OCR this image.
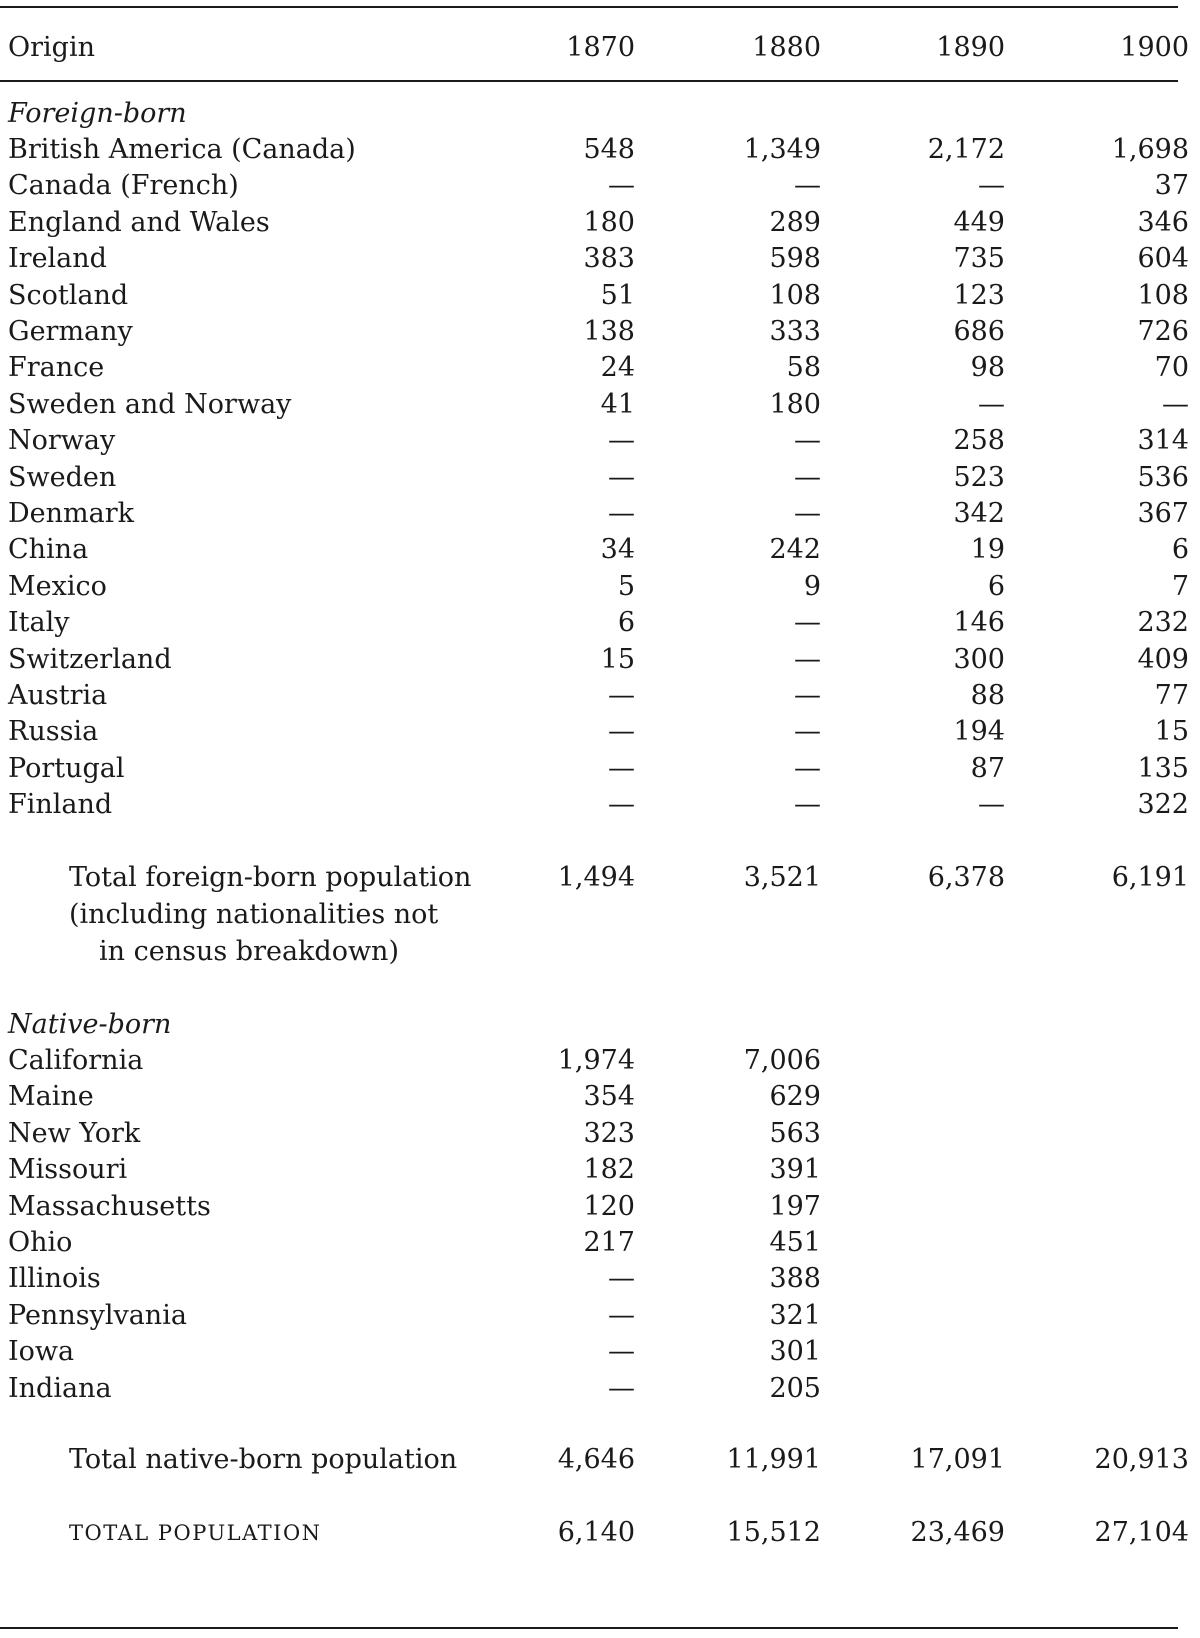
Origin	1870	1880	1890	1900
Foreign-born
British America (Canada)	548	1,349	2,172	1,698
Canada (French)	—	—	—	37
England and Wales	180	289	449	346
Ireland	383	598	735	604
Scotland	51	108	123	108
Germany	138	333	686	726
France	24	58	98	70
Sweden and Norway	41	180	—	—
Norway	—	—	258	314
Sweden	—	—	523	536
Denmark	—	—	342	367
China	34	242	19	6
Mexico	5	9	6	7
Italy	6	—	146	232
Switzerland	15	—	300	409
Austria	—	—	88	77
Russia	—	—	194	15
Portugal	—	—	87	135
Finland	—	—	—	322
Total foreign-born population	1,494	3,521	6,378	6,191
(including nationalities not
in census breakdown)
Native-born
California	1,974	7,006
Maine	354	629
New York	323	563
Missouri	182	391
Massachusetts	120	197
Ohio	217	451
Illinois	—	388
Pennsylvania	—	321
Iowa	—	301
Indiana	—	205
Total native-born population	4,646	11,991	17,091	20,913
TOTAL POPULATION	6,140	15,512	23,469	27,104
